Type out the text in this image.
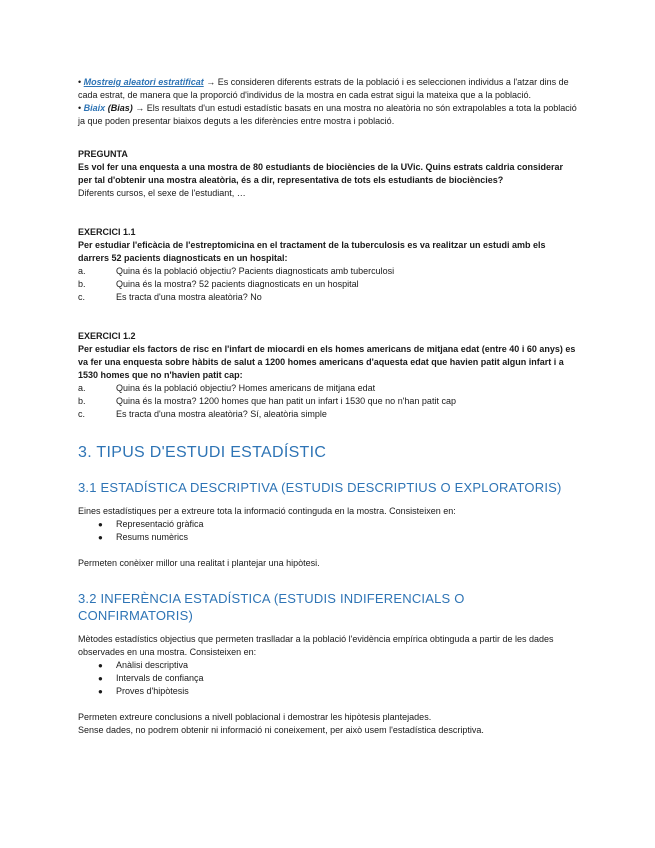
• Mostreig aleatori estratificat → Es consideren diferents estrats de la població i es seleccionen individus a l'atzar dins de cada estrat, de manera que la proporció d'individus de la mostra en cada estrat sigui la mateixa que a la població.

• Biaix (Bias) → Els resultats d'un estudi estadístic basats en una mostra no aleatòria no són extrapolables a tota la població ja que poden presentar biaixos deguts a les diferències entre mostra i població.

PREGUNTA

Es vol fer una enquesta a una mostra de 80 estudiants de biociències de la UVic. Quins estrats caldria considerar per tal d'obtenir una mostra aleatòria, és a dir, representativa de tots els estudiants de biociències?

Diferents cursos, el sexe de l'estudiant, …

EXERCICI 1.1

Per estudiar l'eficàcia de l'estreptomicina en el tractament de la tuberculosis es va realitzar un estudi amb els darrers 52 pacients diagnosticats en un hospital:

a.	Quina és la població objectiu? Pacients diagnosticats amb tuberculosi
b.	Quina és la mostra? 52 pacients diagnosticats en un hospital
c.	Es tracta d'una mostra aleatòria? No

EXERCICI 1.2

Per estudiar els factors de risc en l'infart de miocardi en els homes americans de mitjana edat (entre 40 i 60 anys) es va fer una enquesta sobre hàbits de salut a 1200 homes americans d'aquesta edat que havien patit algun infart i a 1530 homes que no n'havien patit cap:

a.	Quina és la població objectiu? Homes americans de mitjana edat
b.	Quina és la mostra? 1200 homes que han patit un infart i 1530 que no n'han patit cap
c.	Es tracta d'una mostra aleatòria? Sí, aleatòria simple
3. TIPUS D'ESTUDI ESTADÍSTIC
3.1 ESTADÍSTICA DESCRIPTIVA (ESTUDIS DESCRIPTIUS O EXPLORATORIS)

Eines estadístiques per a extreure tota la informació continguda en la mostra. Consisteixen en:

●	Representació gràfica
●	Resums numèrics

Permeten conèixer millor una realitat i plantejar una hipòtesi.

3.2 INFERÈNCIA ESTADÍSTICA (ESTUDIS INDIFERENCIALS O CONFIRMATORIS)

Mètodes estadístics objectius que permeten traslladar a la població l'evidència empírica obtinguda a partir de les dades observades en una mostra. Consisteixen en:

●	Anàlisi descriptiva
●	Intervals de confiança
●	Proves d'hipòtesis

Permeten extreure conclusions a nivell poblacional i demostrar les hipòtesis plantejades.

Sense dades, no podrem obtenir ni informació ni coneixement, per això usem l'estadística descriptiva.
